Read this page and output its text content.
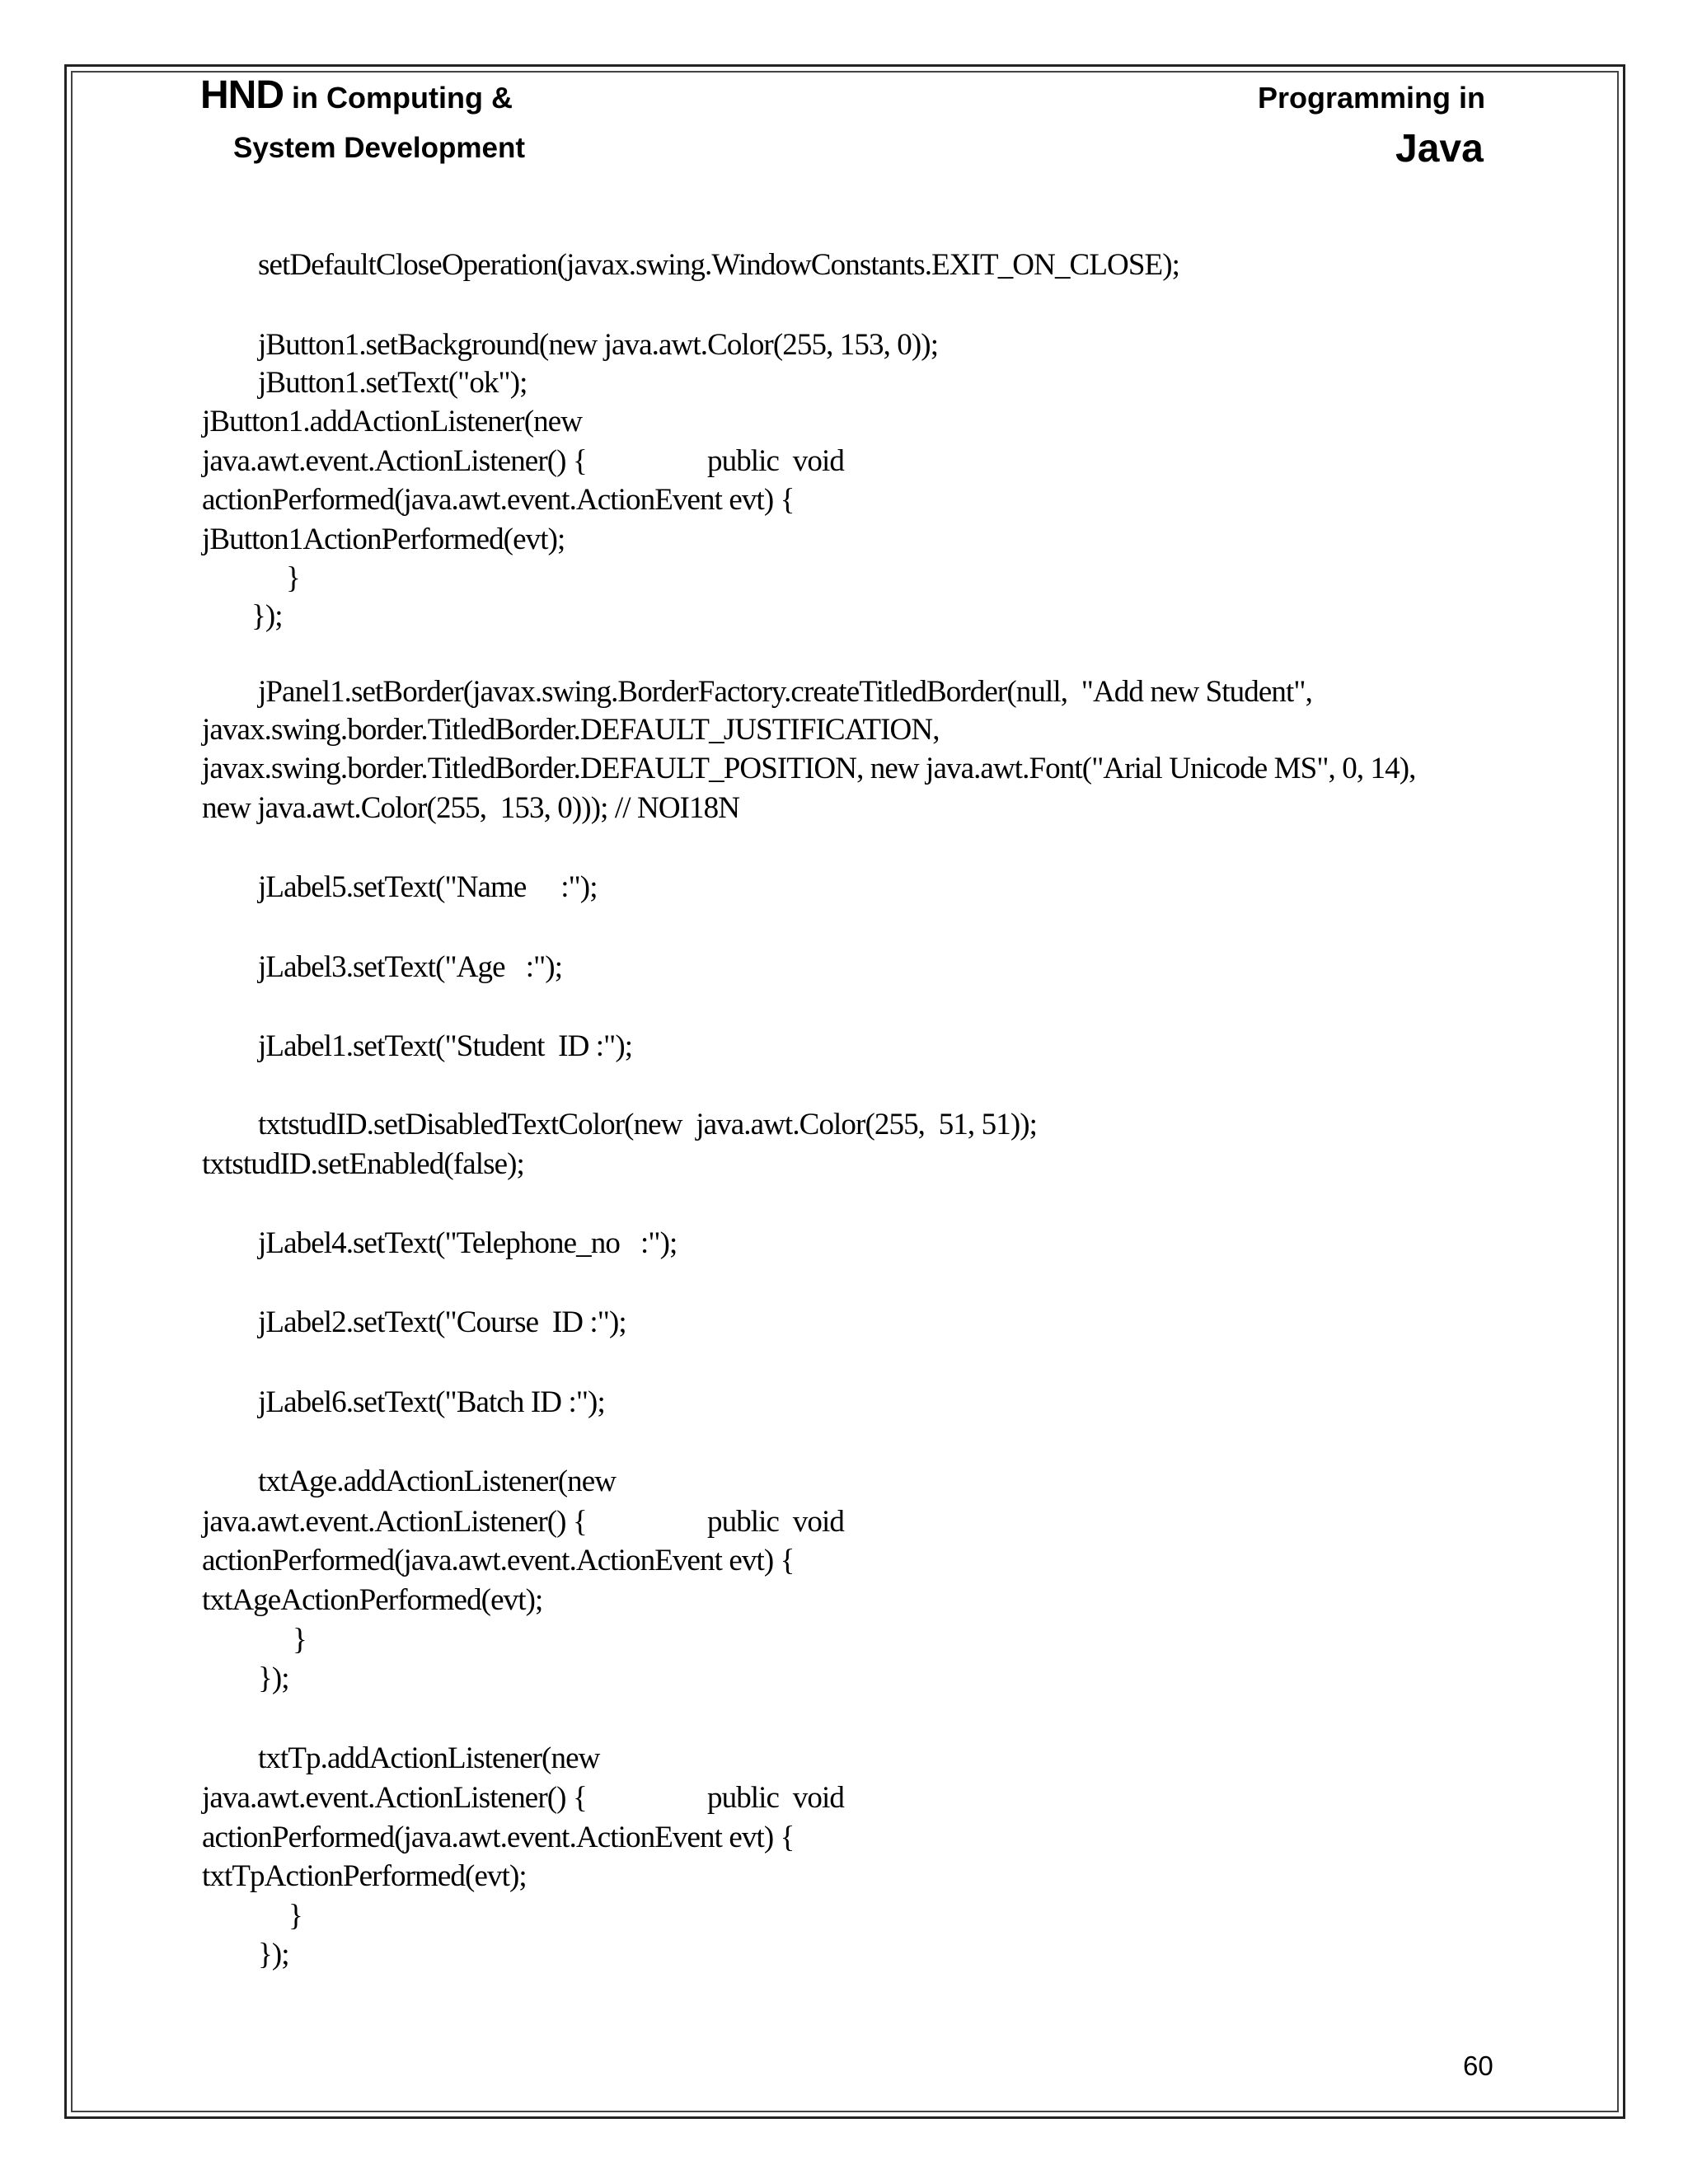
HND in Computing &
System Development
Programming in
Java
setDefaultCloseOperation(javax.swing.WindowConstants.EXIT_ON_CLOSE);
jButton1.setBackground(new java.awt.Color(255, 153, 0));
jButton1.setText("ok");
jButton1.addActionListener(new
java.awt.event.ActionListener() {	public  void
actionPerformed(java.awt.event.ActionEvent evt) {
jButton1ActionPerformed(evt);
}
});
jPanel1.setBorder(javax.swing.BorderFactory.createTitledBorder(null,  "Add new Student",
javax.swing.border.TitledBorder.DEFAULT_JUSTIFICATION,
javax.swing.border.TitledBorder.DEFAULT_POSITION, new java.awt.Font("Arial Unicode MS", 0, 14),
new java.awt.Color(255,  153, 0))); // NOI18N
jLabel5.setText("Name     :");
jLabel3.setText("Age   :");
jLabel1.setText("Student  ID :");
txtstudID.setDisabledTextColor(new  java.awt.Color(255,  51, 51));
txtstudID.setEnabled(false);
jLabel4.setText("Telephone_no   :");
jLabel2.setText("Course  ID :");
jLabel6.setText("Batch ID :");
txtAge.addActionListener(new
java.awt.event.ActionListener() {	public  void
actionPerformed(java.awt.event.ActionEvent evt) {
txtAgeActionPerformed(evt);
}
});
txtTp.addActionListener(new
java.awt.event.ActionListener() {	public  void
actionPerformed(java.awt.event.ActionEvent evt) {
txtTpActionPerformed(evt);
}
});
60
